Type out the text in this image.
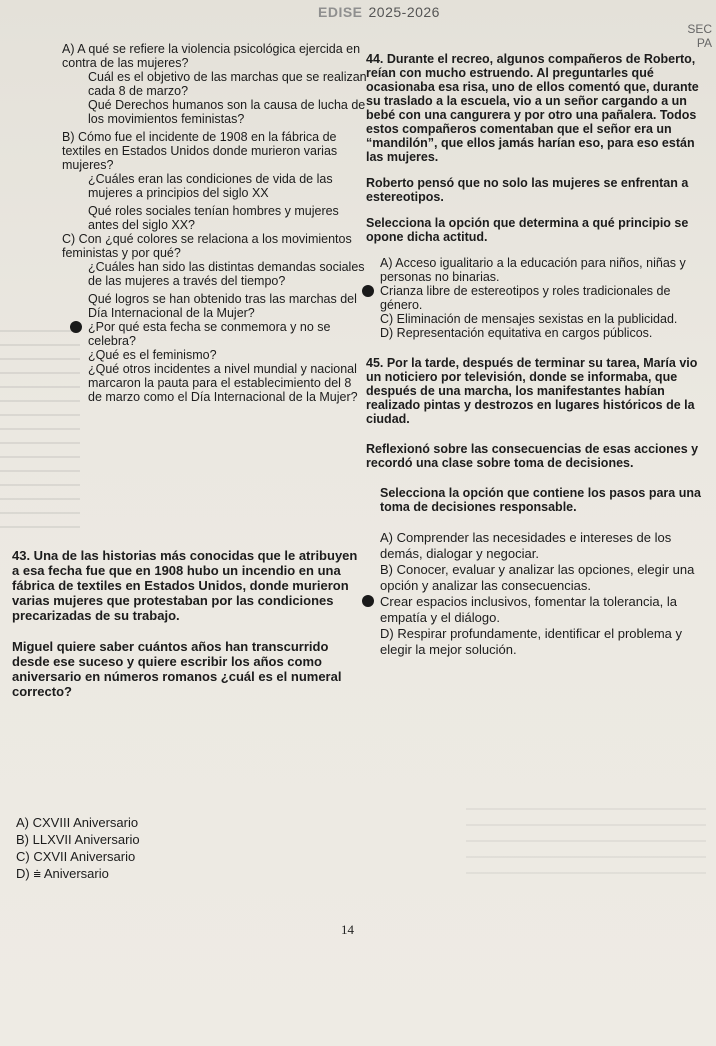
EDISE 2025-2026
SEC
PA

A) A qué se refiere la violencia psicológica ejercida en contra de las mujeres?

Cuál es el objetivo de las marchas que se realizan cada 8 de marzo?

Qué Derechos humanos son la causa de lucha de los movimientos feministas?

B) Cómo fue el incidente de 1908 en la fábrica de textiles en Estados Unidos donde murieron varias mujeres?

¿Cuáles eran las condiciones de vida de las mujeres a principios del siglo XX

Qué roles sociales tenían hombres y mujeres antes del siglo XX?

C) Con ¿qué colores se relaciona a los movimientos feministas y por qué?

¿Cuáles han sido las distintas demandas sociales de las mujeres a través del tiempo?

Qué logros se han obtenido tras las marchas del Día Internacional de la Mujer?

¿Por qué esta fecha se conmemora y no se celebra?

¿Qué es el feminismo?

¿Qué otros incidentes a nivel mundial y nacional marcaron la pauta para el establecimiento del 8 de marzo como el Día Internacional de la Mujer?

43. Una de las historias más conocidas que le atribuyen a esa fecha fue que en 1908 hubo un incendio en una fábrica de textiles en Estados Unidos, donde murieron varias mujeres que protestaban por las condiciones precarizadas de su trabajo.

Miguel quiere saber cuántos años han transcurrido desde ese suceso y quiere escribir los años como aniversario en números romanos ¿cuál es el numeral correcto?

A) CXVIII Aniversario

B) LLXVII Aniversario

C) CXVII Aniversario

D) ⩧ Aniversario

44. Durante el recreo, algunos compañeros de Roberto, reían con mucho estruendo. Al preguntarles qué ocasionaba esa risa, uno de ellos comentó que, durante su traslado a la escuela, vio a un señor cargando a un bebé con una cangurera y por otro una pañalera. Todos estos compañeros comentaban que el señor era un “mandilón”, que ellos jamás harían eso, para eso están las mujeres.

Roberto pensó que no solo las mujeres se enfrentan a estereotipos.

Selecciona la opción que determina a qué principio se opone dicha actitud.

A) Acceso igualitario a la educación para niños, niñas y personas no binarias.

Crianza libre de estereotipos y roles tradicionales de género.

C) Eliminación de mensajes sexistas en la publicidad.

D) Representación equitativa en cargos públicos.

45. Por la tarde, después de terminar su tarea, María vio un noticiero por televisión, donde se informaba, que después de una marcha, los manifestantes habían realizado pintas y destrozos en lugares históricos de la ciudad.

Reflexionó sobre las consecuencias de esas acciones y recordó una clase sobre toma de decisiones.

Selecciona la opción que contiene los pasos para una toma de decisiones responsable.

A) Comprender las necesidades e intereses de los demás, dialogar y negociar.

B) Conocer, evaluar y analizar las opciones, elegir una opción y analizar las consecuencias.

Crear espacios inclusivos, fomentar la tolerancia, la empatía y el diálogo.

D) Respirar profundamente, identificar el problema y elegir la mejor solución.

14
